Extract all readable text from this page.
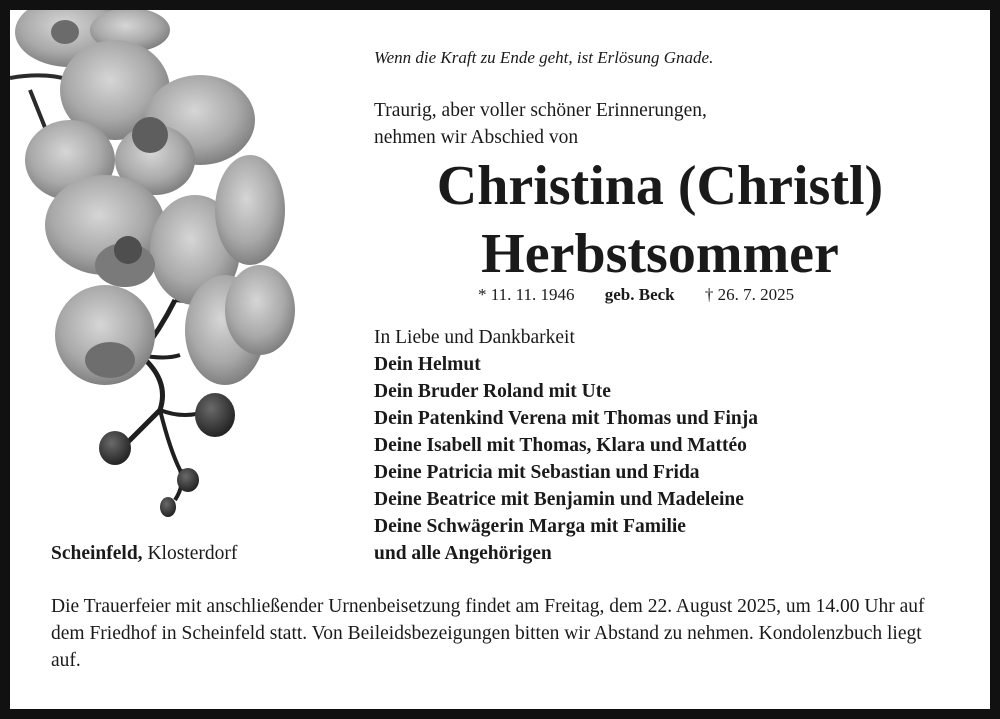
Wenn die Kraft zu Ende geht, ist Erlösung Gnade.
Traurig, aber voller schöner Erinnerungen,
nehmen wir Abschied von
Christina (Christl)
Herbstsommer
* 11. 11. 1946 geb. Beck † 26. 7. 2025
In Liebe und Dankbarkeit
Dein Helmut
Dein Bruder Roland mit Ute
Dein Patenkind Verena mit Thomas und Finja
Deine Isabell mit Thomas, Klara und Mattéo
Deine Patricia mit Sebastian und Frida
Deine Beatrice mit Benjamin und Madeleine
Deine Schwägerin Marga mit Familie
und alle Angehörigen
Scheinfeld, Klosterdorf
Die Trauerfeier mit anschließender Urnenbeisetzung findet am Freitag, dem 22. August 2025, um 14.00 Uhr auf dem Friedhof in Scheinfeld statt. Von Beileidsbezeigungen bitten wir Abstand zu nehmen. Kondolenzbuch liegt auf.
